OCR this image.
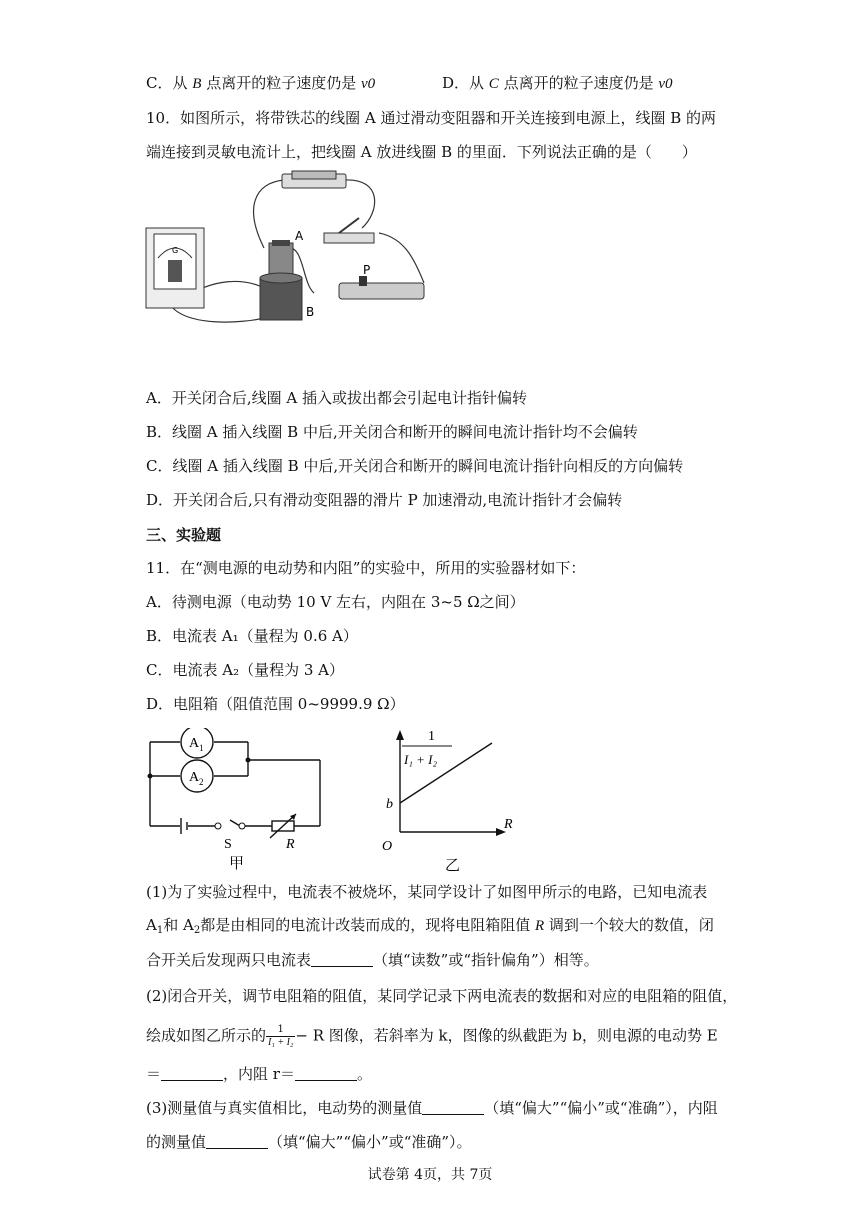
C．从 B 点离开的粒子速度仍是 v0	D．从 C 点离开的粒子速度仍是 v0
10．如图所示，将带铁芯的线圈 A 通过滑动变阻器和开关连接到电源上，线圈 B 的两
端连接到灵敏电流计上，把线圈 A 放进线圈 B 的里面．下列说法正确的是（　　）
G
A
B
P
A．开关闭合后,线圈 A 插入或拔出都会引起电计指针偏转
B．线圈 A 插入线圈 B 中后,开关闭合和断开的瞬间电流计指针均不会偏转
C．线圈 A 插入线圈 B 中后,开关闭合和断开的瞬间电流计指针向相反的方向偏转
D．开关闭合后,只有滑动变阻器的滑片 P 加速滑动,电流计指针才会偏转
三、实验题
11．在“测电源的电动势和内阻”的实验中，所用的实验器材如下：
A．待测电源（电动势 10 V 左右，内阻在 3~5 Ω之间）
B．电流表 A₁（量程为 0.6 A）
C．电流表 A₂（量程为 3 A）
D．电阻箱（阻值范围 0~9999.9 Ω）
A 1
A 2
S	R
甲
1
I₁ + I₂
b
R
O
乙
(1)为了实验过程中，电流表不被烧坏，某同学设计了如图甲所示的电路，已知电流表
$A_1$和 $A_2$都是由相同的电流计改装而成的，现将电阻箱阻值 R 调到一个较大的数值，闭
合开关后发现两只电流表	（填“读数”或“指针偏角”）相等。
(2)闭合开关，调节电阻箱的阻值，某同学记录下两电流表的数据和对应的电阻箱的阻值，
绘成如图乙所示的 $\frac{1}{\text{I₁ + I₂}} - R$ 图像，若斜率为 k，图像的纵截距为 b，则电源的电动势 E
＝	，内阻 r＝	。
(3)测量值与真实值相比，电动势的测量值	（填“偏大”“偏小”或“准确”），内阻
的测量值	（填“偏大”“偏小”或“准确”）。
试卷第 4页，共 7页
